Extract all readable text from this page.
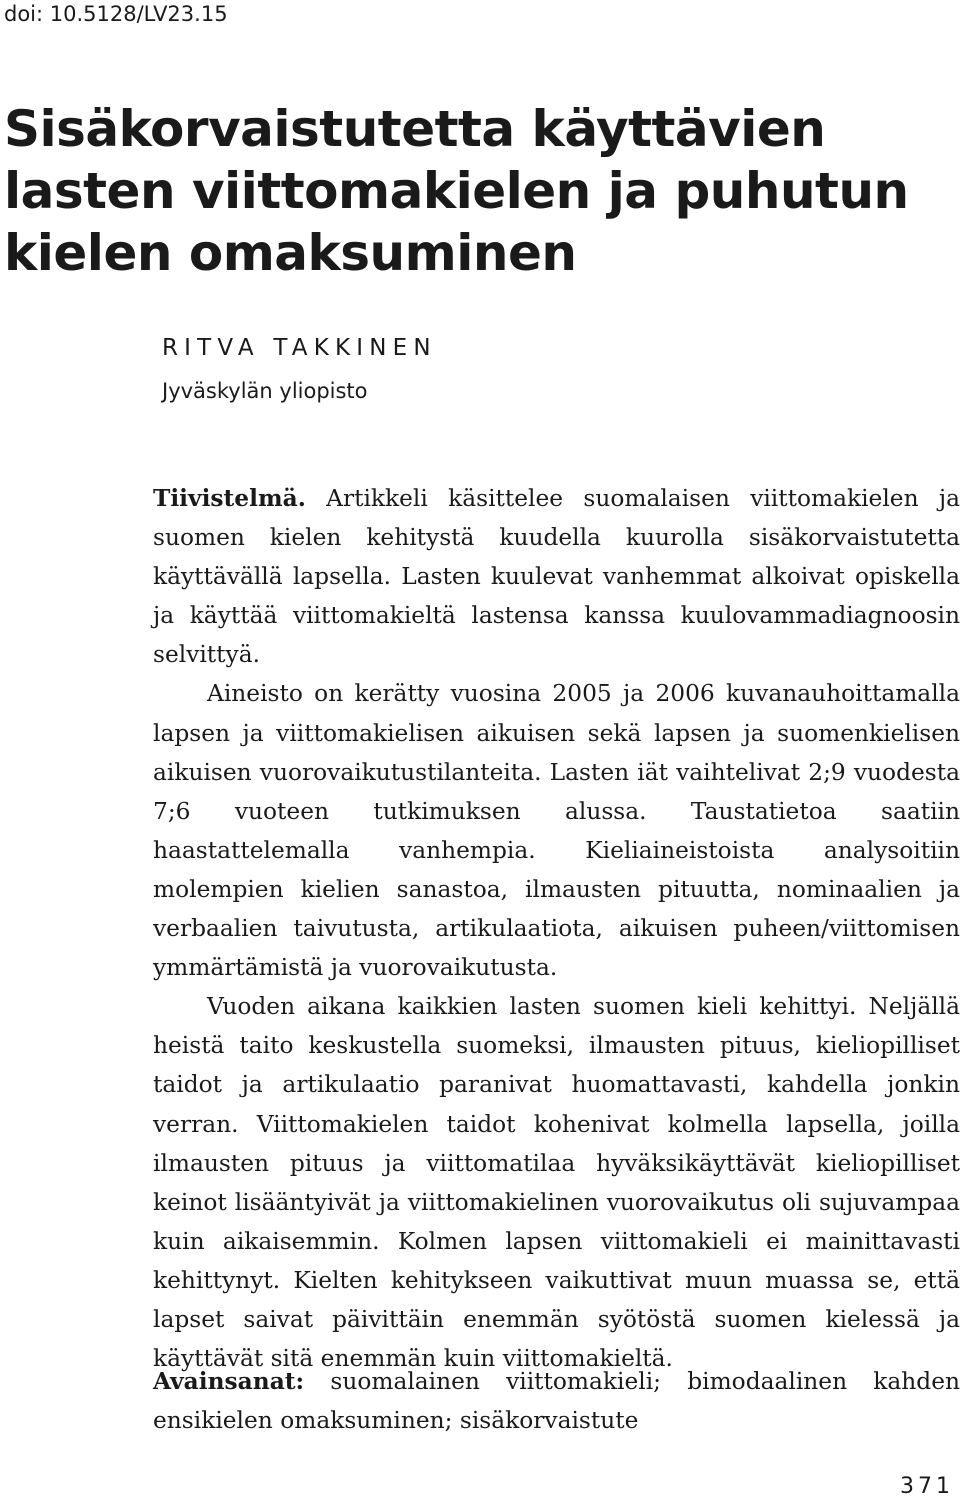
doi: 10.5128/LV23.15
Sisäkorvaistutetta käyttävien
lasten viittomakielen ja puhutun
kielen omaksuminen
RITVA TAKKINEN
Jyväskylän yliopisto

Tiivistelmä. Artikkeli käsittelee suomalaisen viittomakielen ja suomen kielen kehitystä kuudella kuurolla sisäkorvaistutetta käyttävällä lapsella. Lasten kuulevat vanhemmat alkoivat opiskella ja käyttää viittomakieltä lastensa kanssa kuulovammadiagnoosin selvittyä.

Aineisto on kerätty vuosina 2005 ja 2006 kuvanauhoittamalla lapsen ja viittomakielisen aikuisen sekä lapsen ja suomenkielisen aikuisen vuorovaikutustilanteita. Lasten iät vaihtelivat 2;9 vuodesta 7;6 vuoteen tutkimuksen alussa. Taustatietoa saatiin haastattelemalla vanhempia. Kieliaineistoista analysoitiin molempien kielien sanastoa, ilmausten pituutta, nominaalien ja verbaalien taivutusta, artikulaatiota, aikuisen puheen/viittomisen ymmärtämistä ja vuorovaikutusta.

Vuoden aikana kaikkien lasten suomen kieli kehittyi. Neljällä heistä taito keskustella suomeksi, ilmausten pituus, kieliopilliset taidot ja artikulaatio paranivat huomattavasti, kahdella jonkin verran. Viittomakielen taidot kohenivat kolmella lapsella, joilla ilmausten pituus ja viittomatilaa hyväksikäyttävät kieliopilliset keinot lisääntyivät ja viittomakielinen vuorovaikutus oli sujuvampaa kuin aikaisemmin. Kolmen lapsen viittomakieli ei mainittavasti kehittynyt. Kielten kehitykseen vaikuttivat muun muassa se, että lapset saivat päivittäin enemmän syötöstä suomen kielessä ja käyttävät sitä enemmän kuin viittomakieltä.

Avainsanat: suomalainen viittomakieli; bimodaalinen kahden ensikielen omaksuminen; sisäkorvaistute

371
